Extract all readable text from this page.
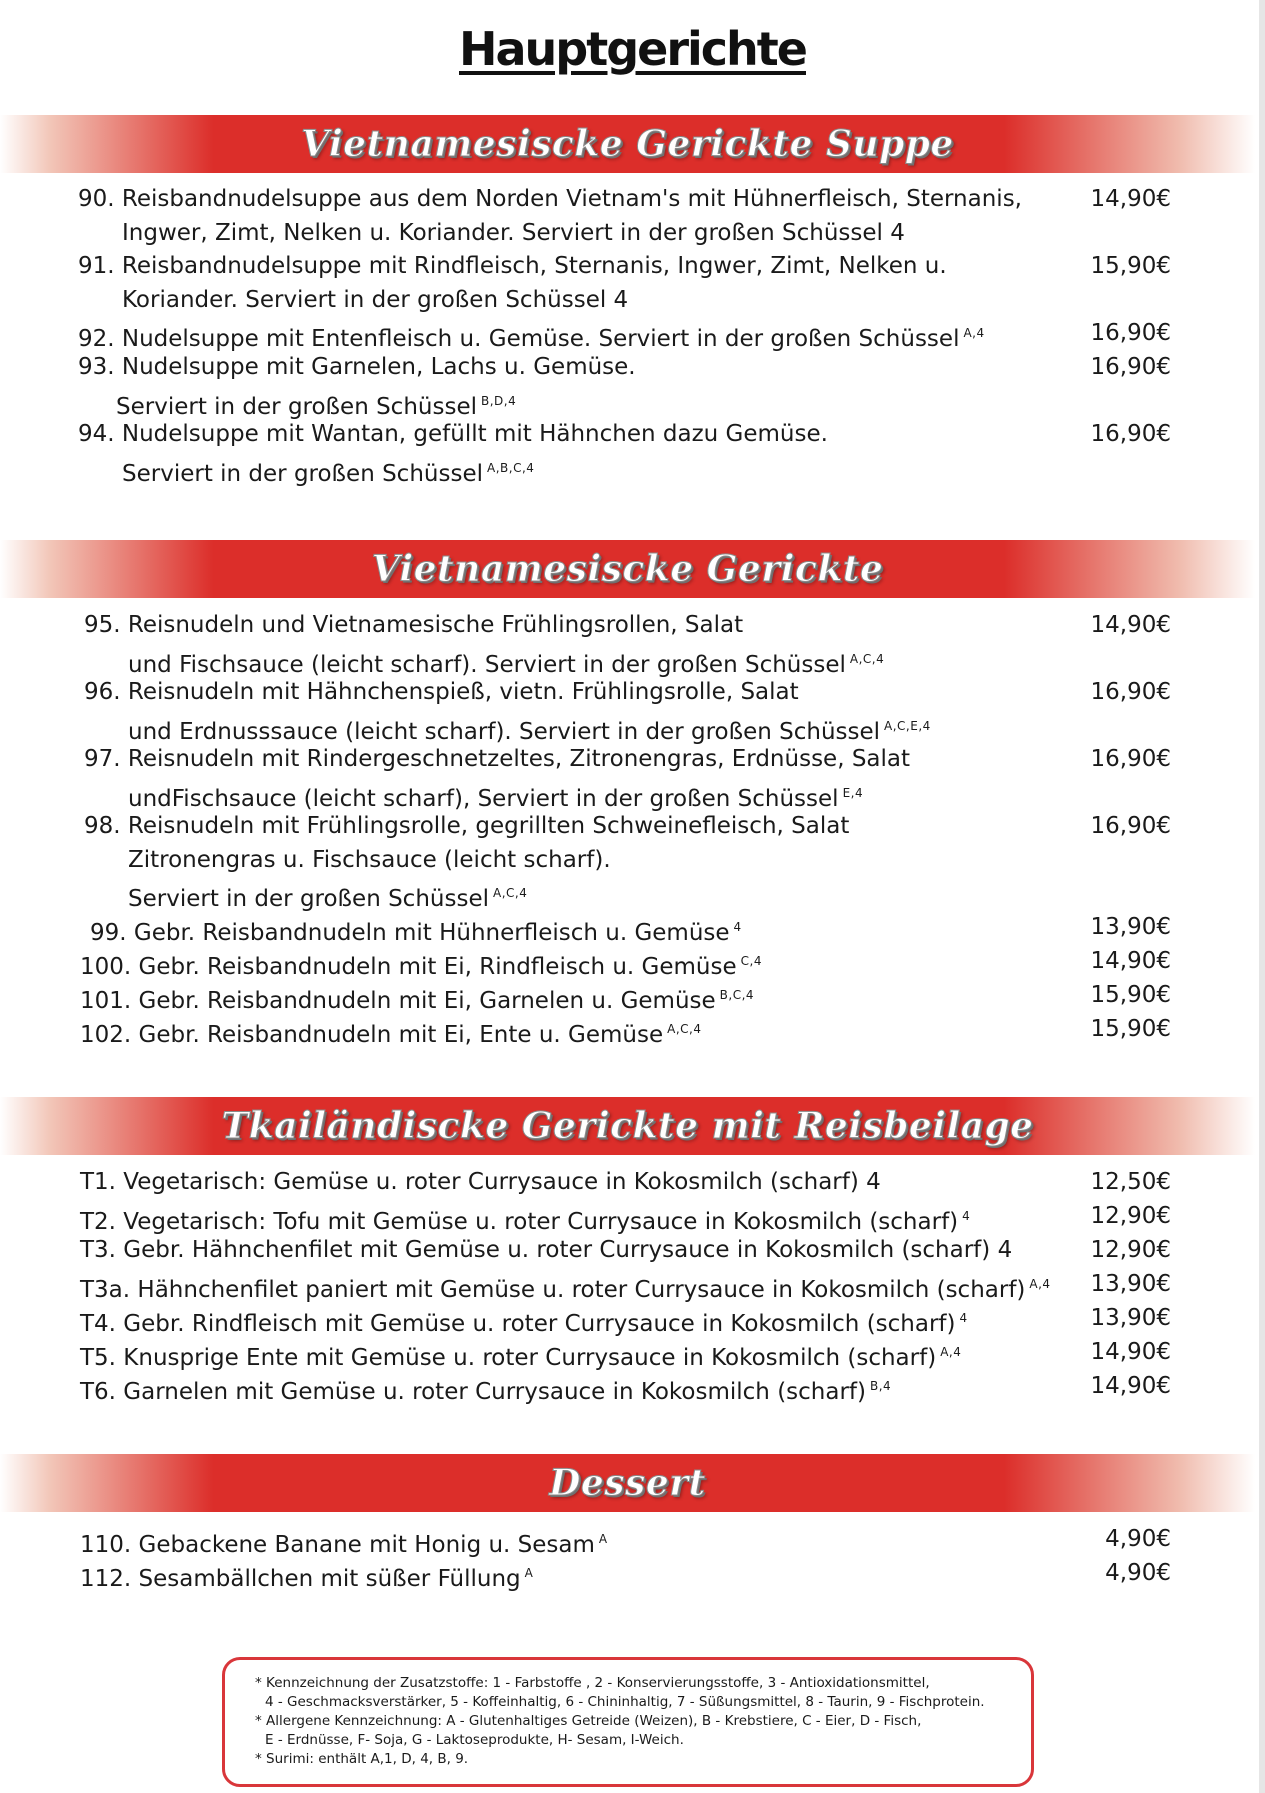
Hauptgerichte
Vietnamesiscke Gerickte Suppe
90. Reisbandnudelsuppe aus dem Norden Vietnam's mit Hühnerfleisch, Sternanis,	14,90€
Ingwer, Zimt, Nelken u. Koriander. Serviert in der großen Schüssel 4
91. Reisbandnudelsuppe mit Rindfleisch, Sternanis, Ingwer, Zimt, Nelken u.	15,90€
Koriander. Serviert in der großen Schüssel 4
92. Nudelsuppe mit Entenfleisch u. Gemüse. Serviert in der großen Schüssel $^{A,4}$	16,90€
93. Nudelsuppe mit Garnelen, Lachs u. Gemüse.	16,90€
Serviert in der großen Schüssel $^{B,D,4}$
94. Nudelsuppe mit Wantan, gefüllt mit Hähnchen dazu Gemüse.	16,90€
Serviert in der großen Schüssel $^{A,B,C,4}$
Vietnamesiscke Gerickte
95. Reisnudeln und Vietnamesische Frühlingsrollen, Salat	14,90€
und Fischsauce (leicht scharf). Serviert in der großen Schüssel $^{A,C,4}$
96. Reisnudeln mit Hähnchenspieß, vietn. Frühlingsrolle, Salat	16,90€
und Erdnusssauce (leicht scharf). Serviert in der großen Schüssel $^{A,C,E,4}$
97. Reisnudeln mit Rindergeschnetzeltes, Zitronengras, Erdnüsse, Salat	16,90€
undFischsauce (leicht scharf), Serviert in der großen Schüssel $^{E,4}$
98. Reisnudeln mit Frühlingsrolle, gegrillten Schweinefleisch, Salat	16,90€
Zitronengras u. Fischsauce (leicht scharf).
Serviert in der großen Schüssel $^{A,C,4}$
99. Gebr. Reisbandnudeln mit Hühnerfleisch u. Gemüse $^4$	13,90€
100. Gebr. Reisbandnudeln mit Ei, Rindfleisch u. Gemüse $^{C,4}$	14,90€
101. Gebr. Reisbandnudeln mit Ei, Garnelen u. Gemüse $^{B,C,4}$	15,90€
102. Gebr. Reisbandnudeln mit Ei, Ente u. Gemüse $^{A,C,4}$	15,90€
Tkailändiscke Gerickte mit Reisbeilage
T1. Vegetarisch: Gemüse u. roter Currysauce in Kokosmilch (scharf) 4	12,50€
T2. Vegetarisch: Tofu mit Gemüse u. roter Currysauce in Kokosmilch (scharf) $^4$	12,90€
T3. Gebr. Hähnchenfilet mit Gemüse u. roter Currysauce in Kokosmilch (scharf) 4	12,90€
T3a. Hähnchenfilet paniert mit Gemüse u. roter Currysauce in Kokosmilch (scharf) $^{A,4}$ 13,90€
T4. Gebr. Rindfleisch mit Gemüse u. roter Currysauce in Kokosmilch (scharf) $^4$	13,90€
T5. Knusprige Ente mit Gemüse u. roter Currysauce in Kokosmilch (scharf) $^{A,4}$	14,90€
T6. Garnelen mit Gemüse u. roter Currysauce in Kokosmilch (scharf) $^{B,4}$	14,90€
Dessert
110. Gebackene Banane mit Honig u. Sesam $^A$	4,90€
112. Sesambällchen mit süßer Füllung $^A$	4,90€
* Kennzeichnung der Zusatzstoffe: 1 - Farbstoffe , 2 - Konservierungsstoffe, 3 - Antioxidationsmittel,
4 - Geschmacksverstärker, 5 - Koffeinhaltig, 6 - Chininhaltig, 7 - Süßungsmittel, 8 - Taurin, 9 - Fischprotein.
* Allergene Kennzeichnung: A - Glutenhaltiges Getreide (Weizen), B - Krebstiere, C - Eier, D - Fisch,
E - Erdnüsse, F- Soja, G - Laktoseprodukte, H- Sesam, I-Weich.
* Surimi: enthält A,1, D, 4, B, 9.
